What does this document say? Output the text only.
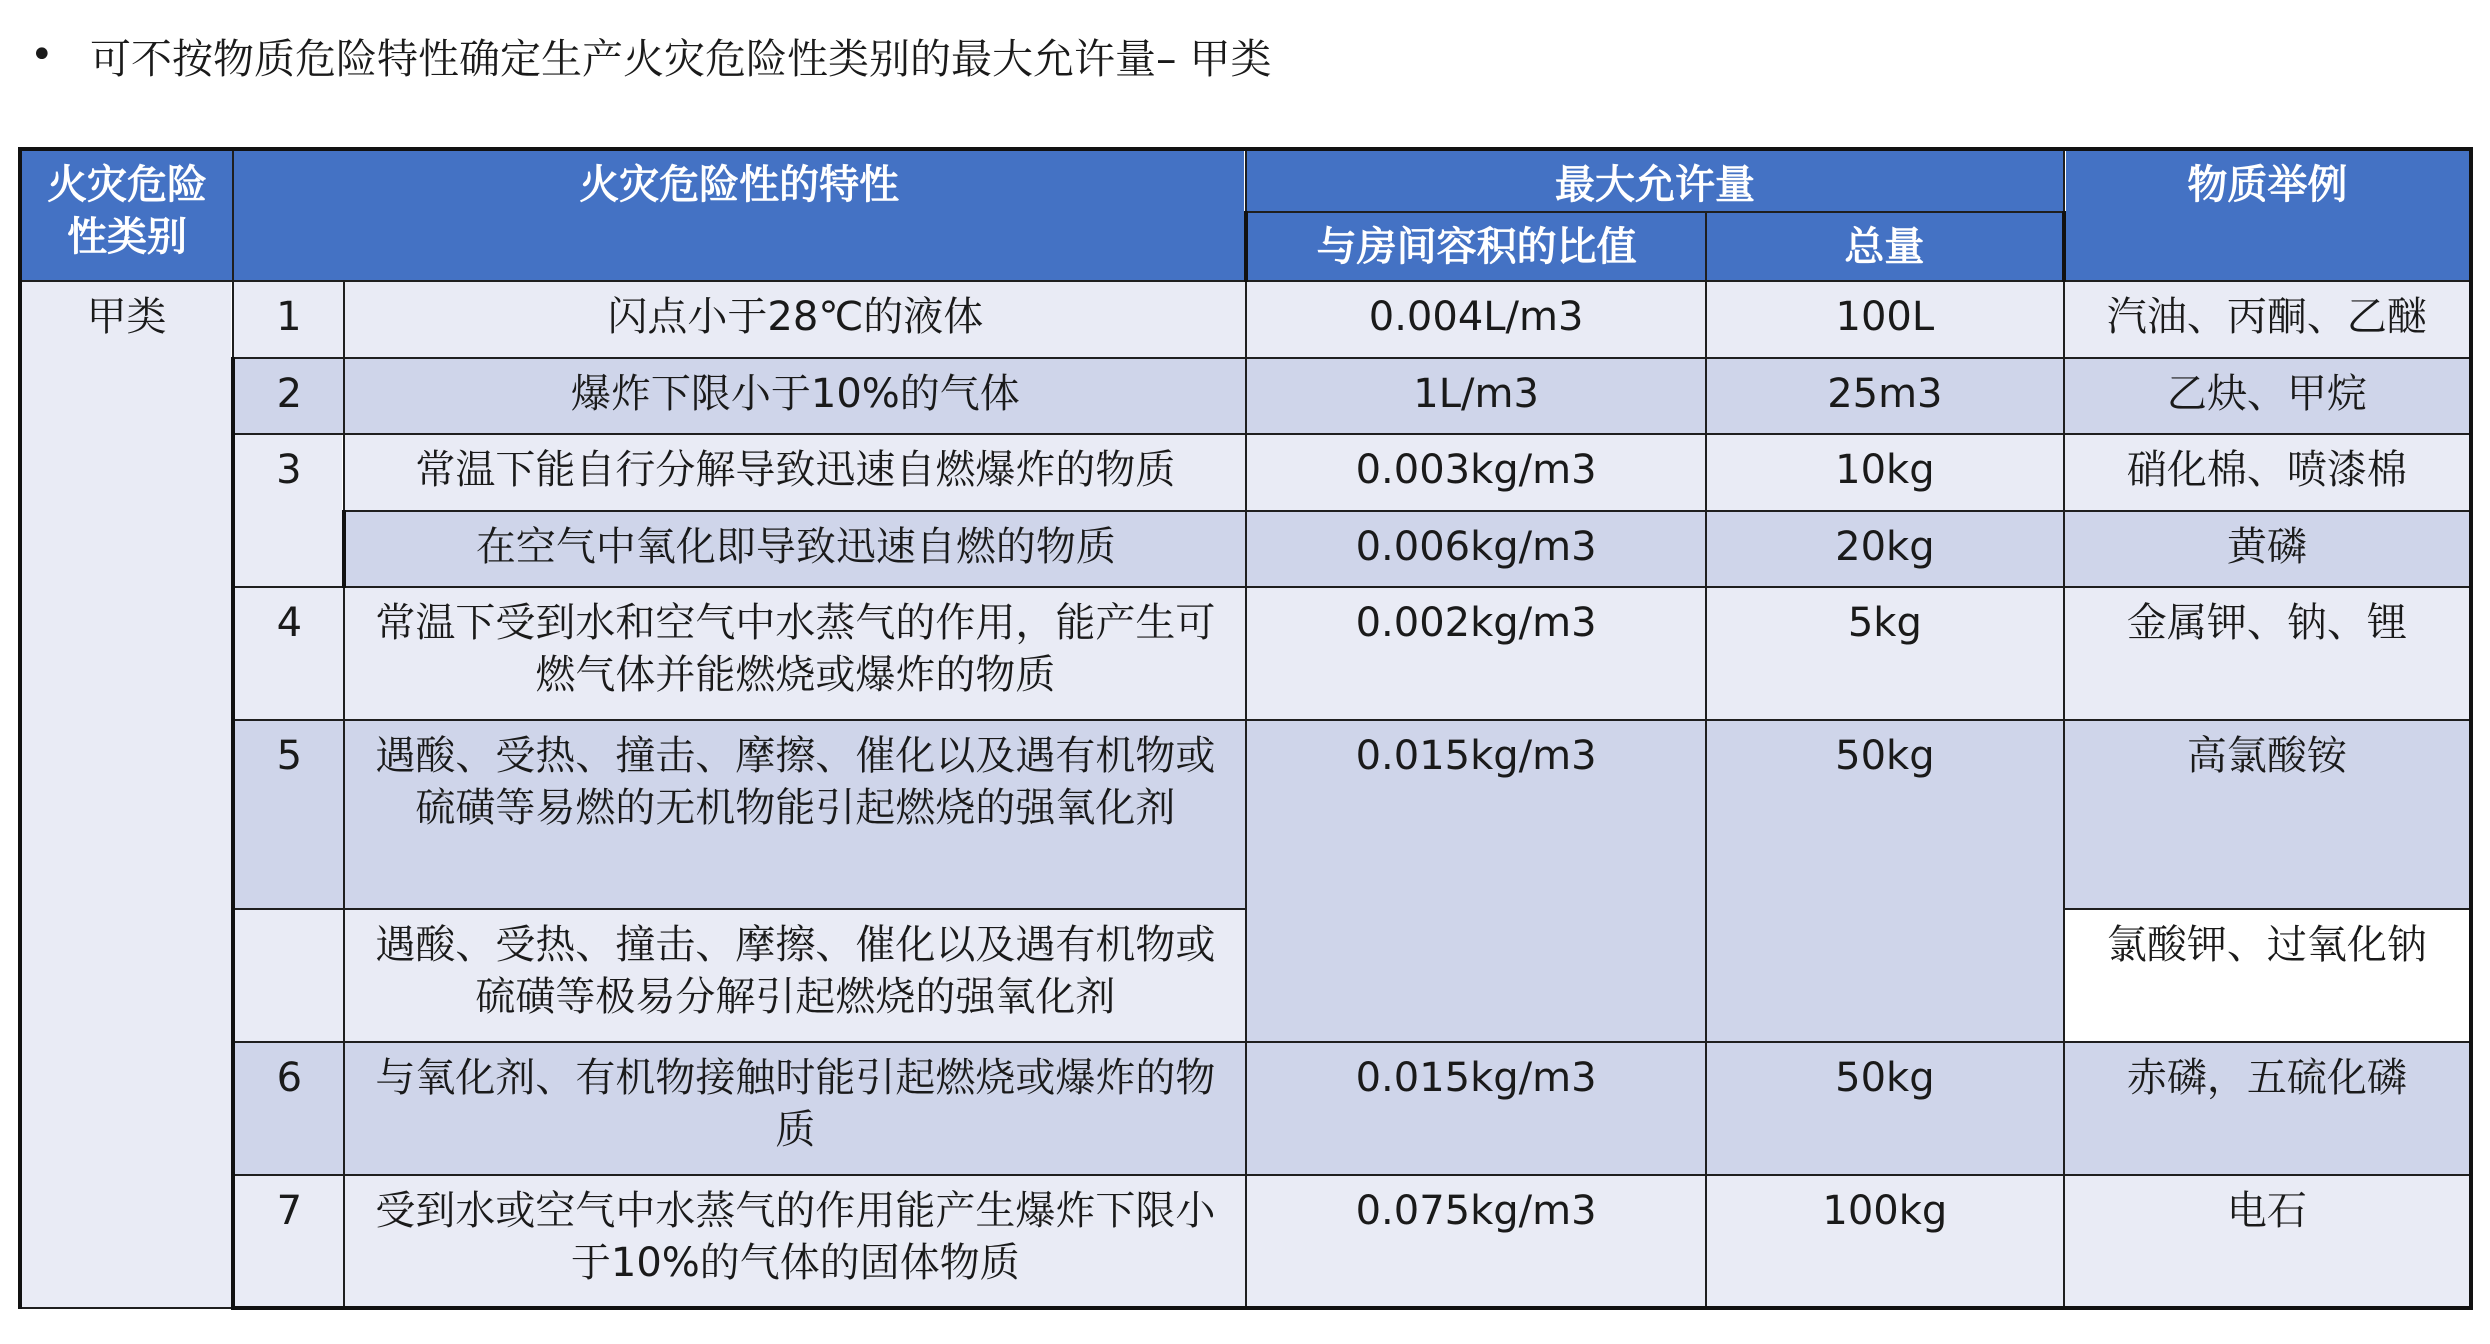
• 可不按物质危险特性确定生产火灾危险性类别的最大允许量– 甲类
火灾危险性类别	火灾危险性的特性		最大允许量		物质举例
			与房间容积的比值	总量	
甲类	1	闪点小于28℃的液体	0.004L/m3	100L	汽油、丙酮、乙醚
	2	爆炸下限小于10%的气体	1L/m3	25m3	乙炔、甲烷
	3	常温下能自行分解导致迅速自燃爆炸的物质	0.003kg/m3	10kg	硝化棉、喷漆棉
		在空气中氧化即导致迅速自燃的物质	0.006kg/m3	20kg	黄磷
	4	常温下受到水和空气中水蒸气的作用，能产生可燃气体并能燃烧或爆炸的物质	0.002kg/m3	5kg	金属钾、钠、锂
	5	遇酸、受热、撞击、摩擦、催化以及遇有机物或硫磺等易燃的无机物能引起燃烧的强氧化剂	0.015kg/m3	50kg	高氯酸铵
		遇酸、受热、撞击、摩擦、催化以及遇有机物或硫磺等极易分解引起燃烧的强氧化剂			氯酸钾、过氧化钠
	6	与氧化剂、有机物接触时能引起燃烧或爆炸的物质	0.015kg/m3	50kg	赤磷，五硫化磷
	7	受到水或空气中水蒸气的作用能产生爆炸下限小于10%的气体的固体物质	0.075kg/m3	100kg	电石
